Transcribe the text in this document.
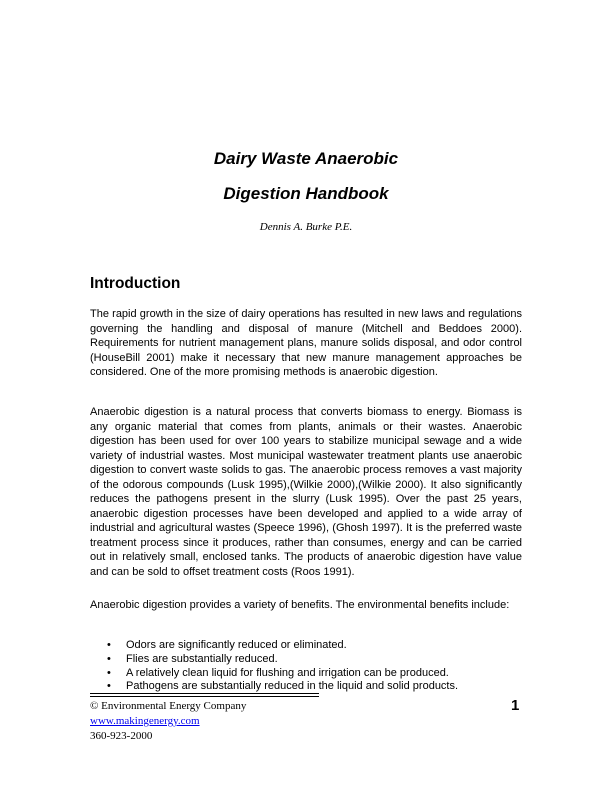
Dairy Waste Anaerobic
Digestion Handbook
Dennis A. Burke P.E.
Introduction

The rapid growth in the size of dairy operations has resulted in new laws and regulations governing the handling and disposal of manure (Mitchell and Beddoes 2000). Requirements for nutrient management plans, manure solids disposal, and odor control (HouseBill 2001) make it necessary that new manure management approaches be considered. One of the more promising methods is anaerobic digestion.

Anaerobic digestion is a natural process that converts biomass to energy. Biomass is any organic material that comes from plants, animals or their wastes. Anaerobic digestion has been used for over 100 years to stabilize municipal sewage and a wide variety of industrial wastes. Most municipal wastewater treatment plants use anaerobic digestion to convert waste solids to gas. The anaerobic process removes a vast majority of the odorous compounds (Lusk 1995),(Wilkie 2000),(Wilkie 2000). It also significantly reduces the pathogens present in the slurry (Lusk 1995). Over the past 25 years, anaerobic digestion processes have been developed and applied to a wide array of industrial and agricultural wastes (Speece 1996), (Ghosh 1997). It is the preferred waste treatment process since it produces, rather than consumes, energy and can be carried out in relatively small, enclosed tanks. The products of anaerobic digestion have value and can be sold to offset treatment costs (Roos 1991).

Anaerobic digestion provides a variety of benefits. The environmental benefits include:

• Odors are significantly reduced or eliminated.
• Flies are substantially reduced.
• A relatively clean liquid for flushing and irrigation can be produced.
• Pathogens are substantially reduced in the liquid and solid products.
© Environmental Energy Company
www.makingenergy.com
360-923-2000
1
